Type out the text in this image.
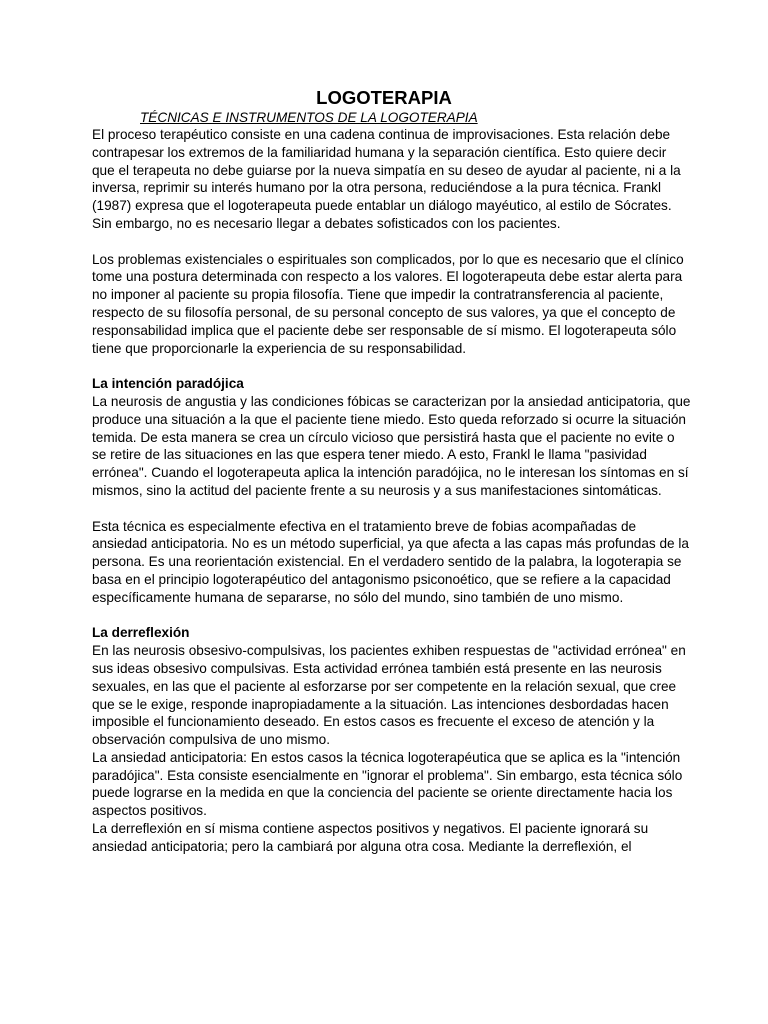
LOGOTERAPIA
TÉCNICAS E INSTRUMENTOS DE LA LOGOTERAPIA

El proceso terapéutico consiste en una cadena continua de improvisaciones. Esta relación debe contrapesar los extremos de la familiaridad humana y la separación científica. Esto quiere decir que el terapeuta no debe guiarse por la nueva simpatía en su deseo de ayudar al paciente, ni a la inversa, reprimir su interés humano por la otra persona, reduciéndose a la pura técnica. Frankl (1987) expresa que el logoterapeuta puede entablar un diálogo mayéutico, al estilo de Sócrates. Sin embargo, no es necesario llegar a debates sofisticados con los pacientes.

Los problemas existenciales o espirituales son complicados, por lo que es necesario que el clínico tome una postura determinada con respecto a los valores. El logoterapeuta debe estar alerta para no imponer al paciente su propia filosofía. Tiene que impedir la contratransferencia al paciente, respecto de su filosofía personal, de su personal concepto de sus valores, ya que el concepto de responsabilidad implica que el paciente debe ser responsable de sí mismo. El logoterapeuta sólo tiene que proporcionarle la experiencia de su responsabilidad.

La intención paradójica

La neurosis de angustia y las condiciones fóbicas se caracterizan por la ansiedad anticipatoria, que produce una situación a la que el paciente tiene miedo. Esto queda reforzado si ocurre la situación temida. De esta manera se crea un círculo vicioso que persistirá hasta que el paciente no evite o se retire de las situaciones en las que espera tener miedo. A esto, Frankl le llama "pasividad errónea". Cuando el logoterapeuta aplica la intención paradójica, no le interesan los síntomas en sí mismos, sino la actitud del paciente frente a su neurosis y a sus manifestaciones sintomáticas.

Esta técnica es especialmente efectiva en el tratamiento breve de fobias acompañadas de ansiedad anticipatoria. No es un método superficial, ya que afecta a las capas más profundas de la persona. Es una reorientación existencial. En el verdadero sentido de la palabra, la logoterapia se basa en el principio logoterapéutico del antagonismo psiconoético, que se refiere a la capacidad específicamente humana de separarse, no sólo del mundo, sino también de uno mismo.

La derreflexión

En las neurosis obsesivo-compulsivas, los pacientes exhiben respuestas de "actividad errónea" en sus ideas obsesivo compulsivas. Esta actividad errónea también está presente en las neurosis sexuales, en las que el paciente al esforzarse por ser competente en la relación sexual, que cree que se le exige, responde inapropiadamente a la situación. Las intenciones desbordadas hacen imposible el funcionamiento deseado. En estos casos es frecuente el exceso de atención y la observación compulsiva de uno mismo.

La ansiedad anticipatoria: En estos casos la técnica logoterapéutica que se aplica es la "intención paradójica". Esta consiste esencialmente en "ignorar el problema". Sin embargo, esta técnica sólo puede lograrse en la medida en que la conciencia del paciente se oriente directamente hacia los aspectos positivos.

La derreflexión en sí misma contiene aspectos positivos y negativos. El paciente ignorará su ansiedad anticipatoria; pero la cambiará por alguna otra cosa. Mediante la derreflexión, el
